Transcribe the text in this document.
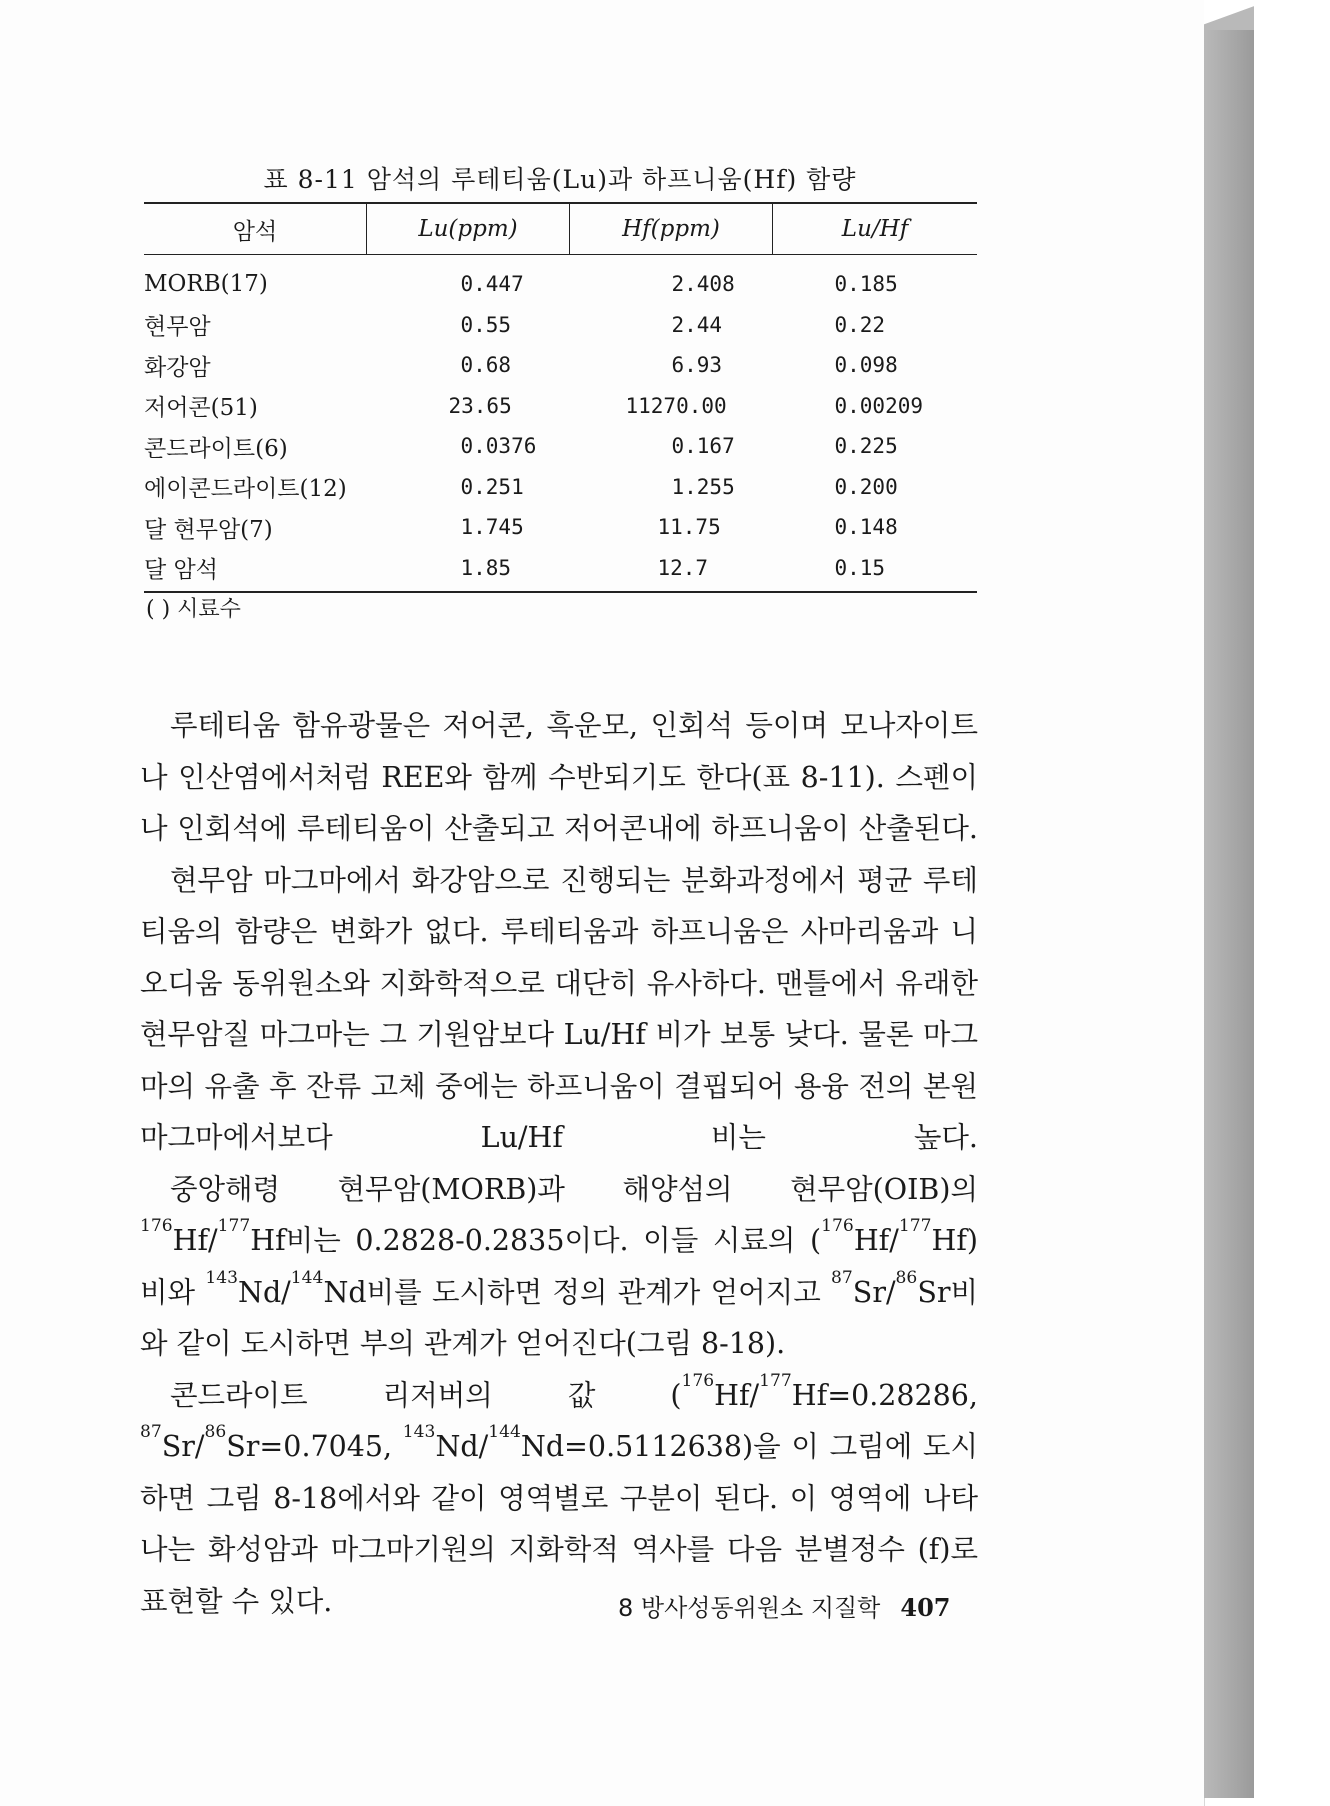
표 8-11 암석의 루테티움(Lu)과 하프니움(Hf) 함량
암석	Lu(ppm)	Hf(ppm)	Lu/Hf
MORB(17)	0.447	2.408	0.185
현무암	0.55	2.44	0.22
화강암	0.68	6.93	0.098
저어콘(51)	23.65	11270.00	0.00209
콘드라이트(6)	0.0376	0.167	0.225
에이콘드라이트(12)	0.251	1.255	0.200
달 현무암(7)	1.745	11.75	0.148
달 암석	1.85	12.7	0.15
( ) 시료수

루테티움 함유광물은 저어콘, 흑운모, 인회석 등이며 모나자이트나 인산염에서처럼 REE와 함께 수반되기도 한다(표 8-11). 스펜이나 인회석에 루테티움이 산출되고 저어콘내에 하프니움이 산출된다.

현무암 마그마에서 화강암으로 진행되는 분화과정에서 평균 루테티움의 함량은 변화가 없다. 루테티움과 하프니움은 사마리움과 니오디움 동위원소와 지화학적으로 대단히 유사하다. 맨틀에서 유래한 현무암질 마그마는 그 기원암보다 Lu/Hf 비가 보통 낮다. 물론 마그마의 유출 후 잔류 고체 중에는 하프니움이 결핍되어 용융 전의 본원 마그마에서보다 Lu/Hf 비는 높다.

중앙해령 현무암(MORB)과 해양섬의 현무암(OIB)의 $^{176}$Hf/$^{177}$Hf비는 0.2828-0.2835이다. 이들 시료의 ($^{176}$Hf/$^{177}$Hf)비와 $^{143}$Nd/$^{144}$Nd비를 도시하면 정의 관계가 얻어지고 $^{87}$Sr/$^{86}$Sr비와 같이 도시하면 부의 관계가 얻어진다(그림 8-18).

콘드라이트 리저버의 값 ($^{176}$Hf/$^{177}$Hf=0.28286, $^{87}$Sr/$^{86}$Sr=0.7045, $^{143}$Nd/$^{144}$Nd=0.5112638)을 이 그림에 도시하면 그림 8-18에서와 같이 영역별로 구분이 된다. 이 영역에 나타나는 화성암과 마그마기원의 지화학적 역사를 다음 분별정수 (f)로 표현할 수 있다.	8 방사성동위원소 지질학 407
